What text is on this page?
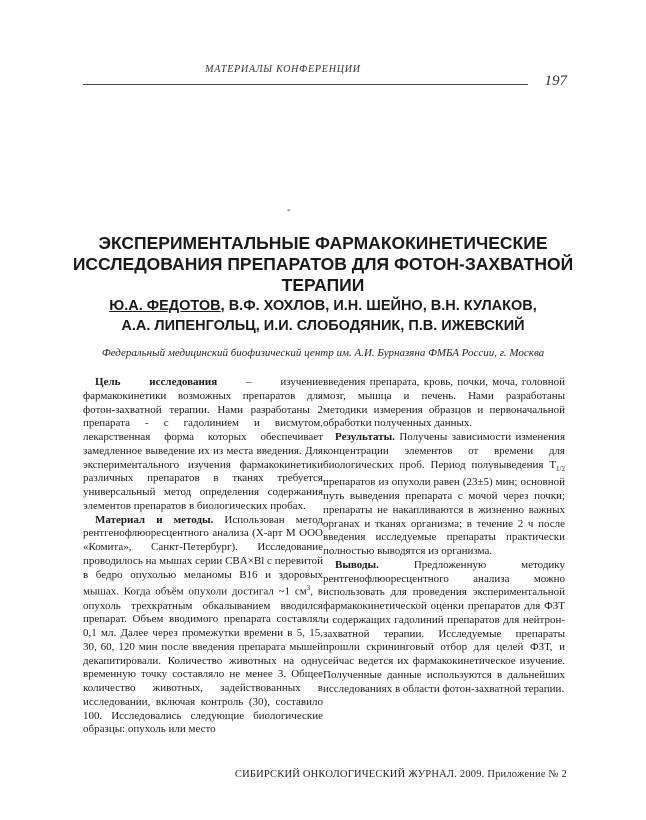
МАТЕРИАЛЫ КОНФЕРЕНЦИИ
197
-
ЭКСПЕРИМЕНТАЛЬНЫЕ ФАРМАКОКИНЕТИЧЕСКИЕ
ИССЛЕДОВАНИЯ ПРЕПАРАТОВ ДЛЯ ФОТОН-ЗАХВАТНОЙ
ТЕРАПИИ
Ю.А. ФЕДОТОВ, В.Ф. ХОХЛОВ, И.Н. ШЕЙНО, В.Н. КУЛАКОВ,
А.А. ЛИПЕНГОЛЬЦ, И.И. СЛОБОДЯНИК, П.В. ИЖЕВСКИЙ
Федеральный медицинский биофизический центр им. А.И. Бурназяна ФМБА России, г. Москва

Цель исследования – изучение фармакокинетики возможных препаратов для фотон-захватной терапии. Нами разработаны 2 препарата - с гадолинием и висмутом, лекарственная форма которых обеспечивает замедленное выведение их из места введения. Для экспериментального изучения фармакокинетики различных препаратов в тканях требуется универсальный метод определения содержания элементов препаратов в биологических пробах.

Материал и методы. Использован метод рентгенофлюоресцентного анализа (Х-арт М ООО «Комита», Санкт-Петербург). Исследование проводилось на мышах серии CBA×Bl с перевитой в бедро опухолью меланомы B16 и здоровых мышах. Когда объём опухоли достигал ~1 $см^3$, в опухоль трехкратным обкалыванием вводился препарат. Объем вводимого препарата составлял 0,1 мл. Далее через промежутки времени в 5, 15, 30, 60, 120 мин после введения препарата мышей декапитировали. Количество животных на одну временную точку составляло не менее 3. Общее количество животных, задействованных в исследовании, включая контроль (30), составило 100. Исследовались следующие биологические образцы: опухоль или место

введения препарата, кровь, почки, моча, головной мозг, мышца и печень. Нами разработаны методики измерения образцов и первоначальной обработки полученных данных.

Результаты. Получены зависимости изменения концентрации элементов от времени для биологических проб. Период полувыведения $Т_{1/2}$ препаратов из опухоли равен (23±5) мин; основной путь выведения препарата с мочой через почки; препараты не накапливаются в жизненно важных органах и тканях организма; в течение 2 ч после введения исследуемые препараты практически полностью выводятся из организма.

Выводы. Предложенную методику рентгенофлюоресцентного анализа можно использовать для проведения экспериментальной фармакокинетической оценки препаратов для ФЗТ и содержащих гадолиний препаратов для нейтрон-захватной терапии. Исследуемые препараты прошли скрининговый отбор для целей ФЗТ, и сейчас ведется их фармакокинетическое изучение. Полученные данные используются в дальнейших исследованиях в области фотон-захватной терапии.

СИБИРСКИЙ ОНКОЛОГИЧЕСКИЙ ЖУРНАЛ. 2009. Приложение № 2
